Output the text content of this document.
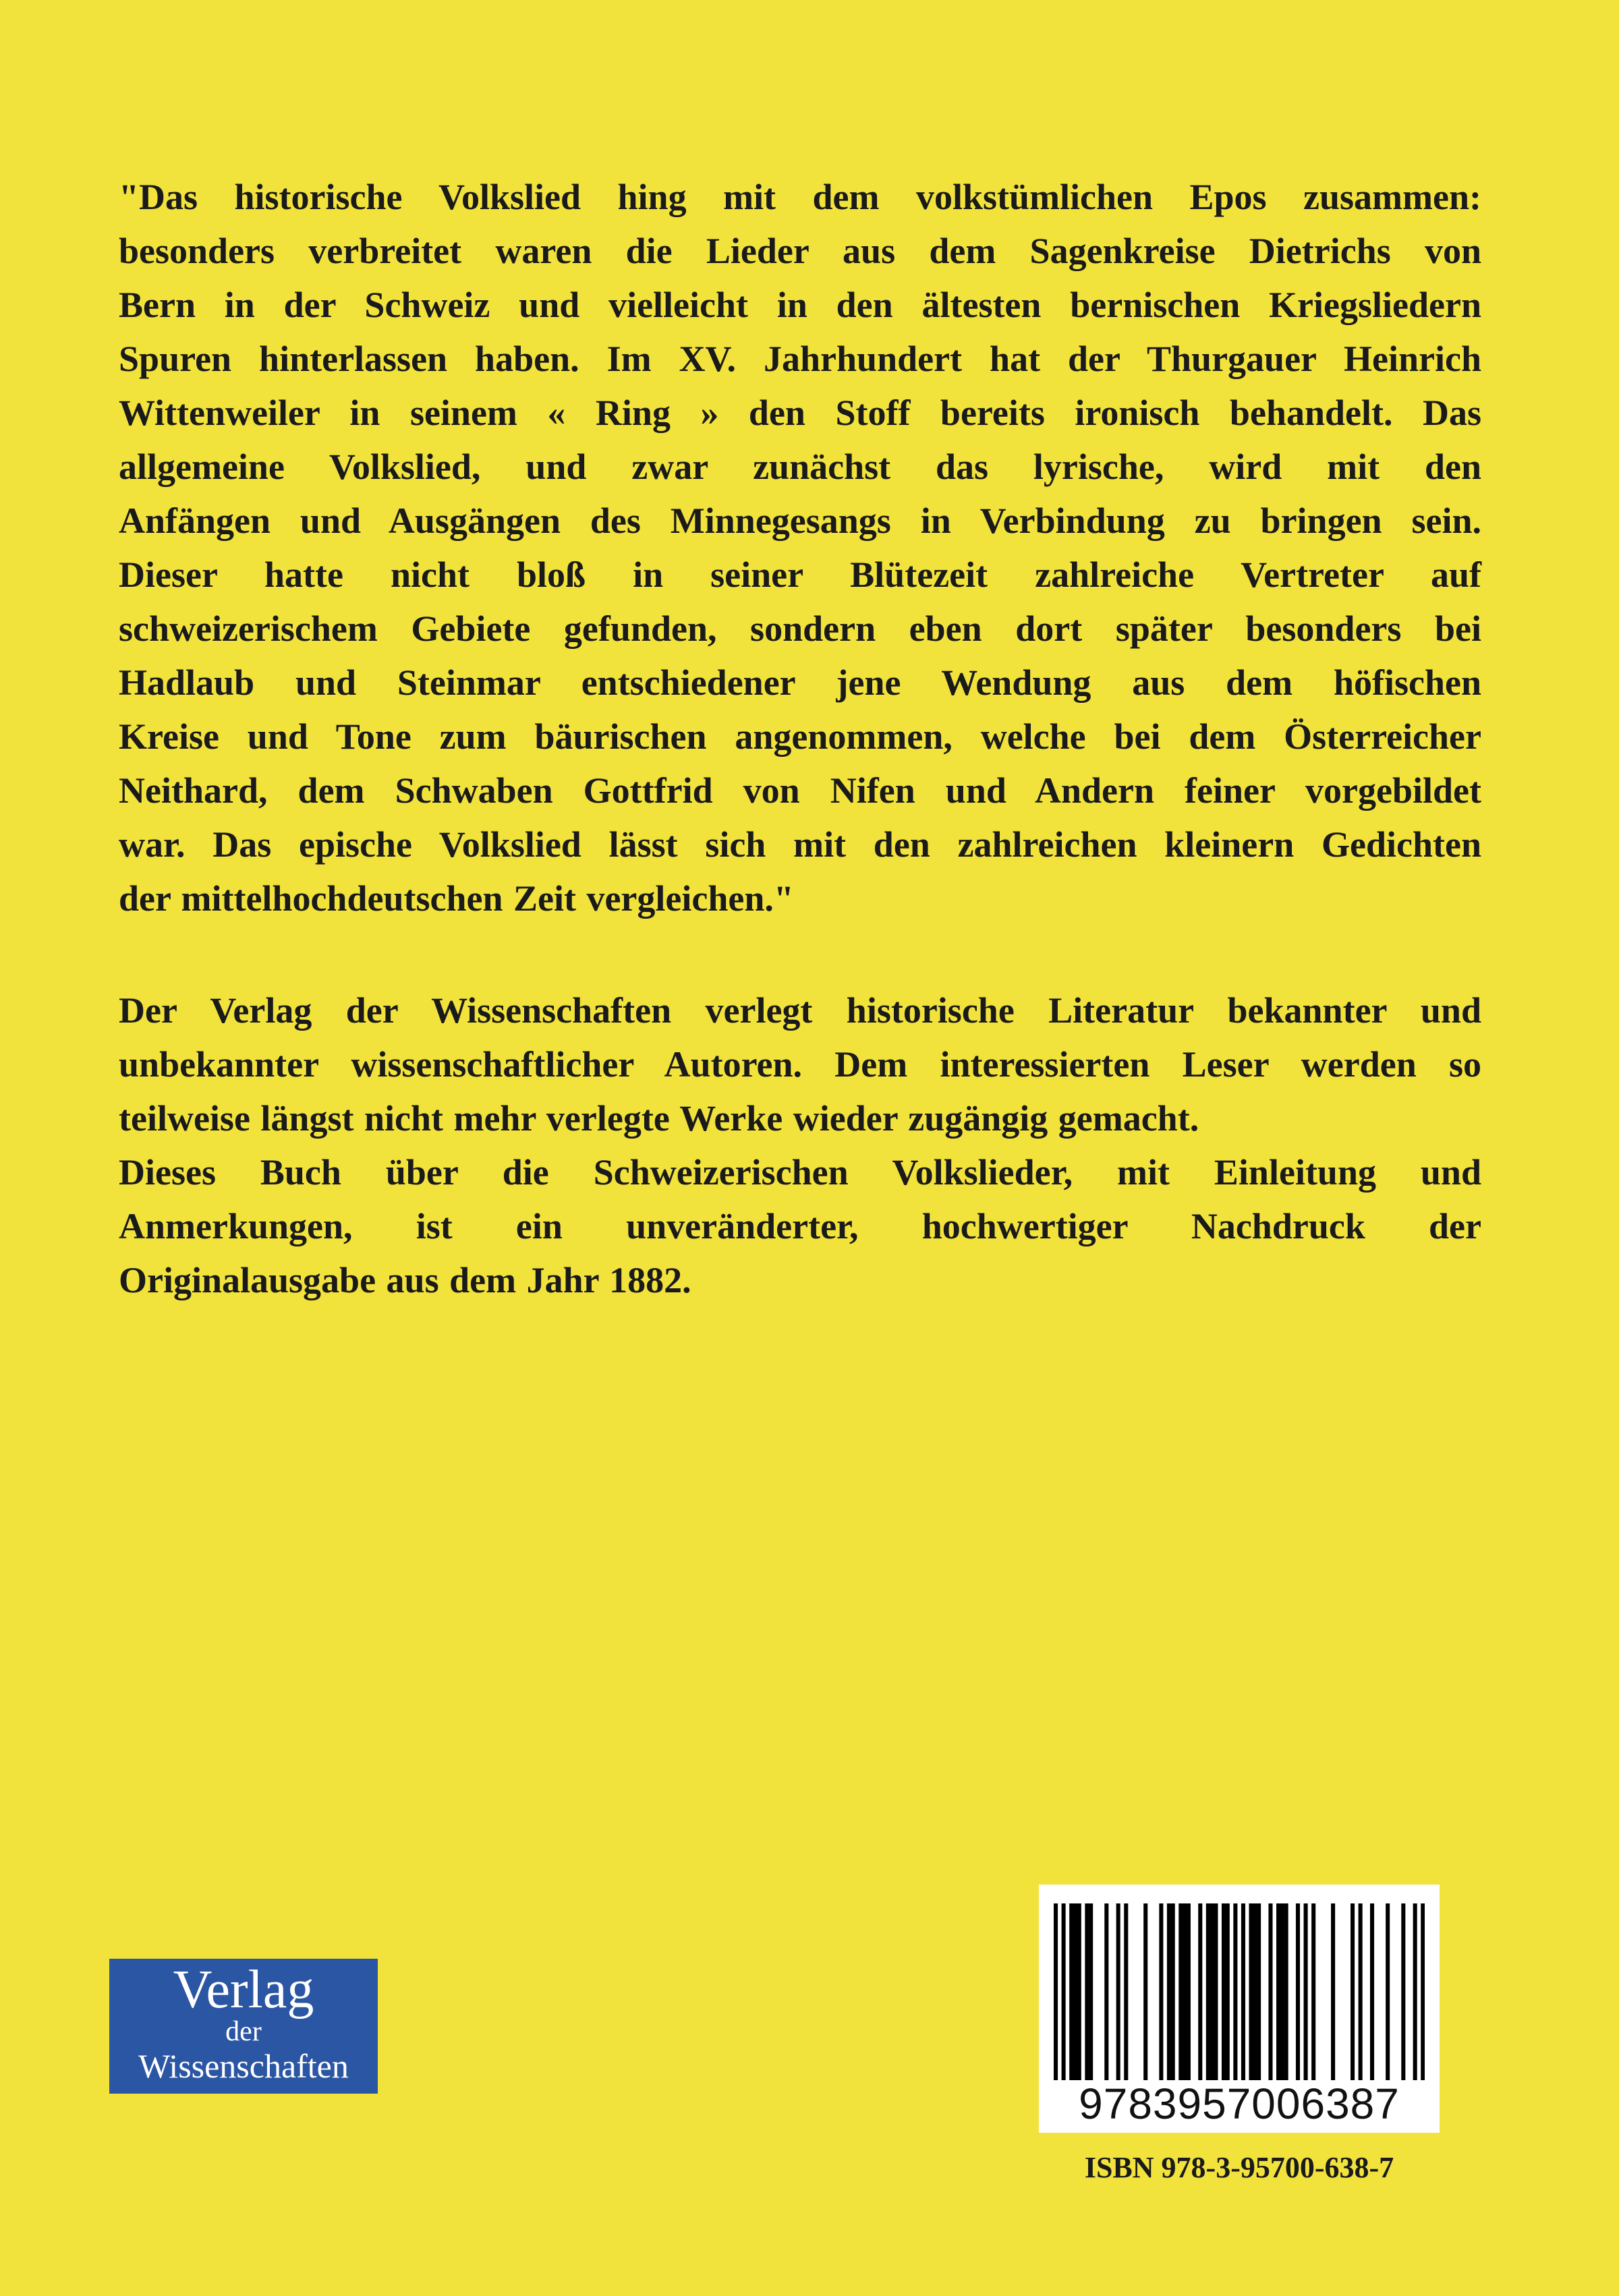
"Das historische Volkslied hing mit dem volkstümlichen Epos zusammen:
besonders verbreitet waren die Lieder aus dem Sagenkreise Dietrichs von
Bern in der Schweiz und vielleicht in den ältesten bernischen Kriegsliedern
Spuren hinterlassen haben. Im XV. Jahrhundert hat der Thurgauer Heinrich
Wittenweiler in seinem « Ring » den Stoff bereits ironisch behandelt. Das
allgemeine Volkslied, und zwar zunächst das lyrische, wird mit den
Anfängen und Ausgängen des Minnegesangs in Verbindung zu bringen sein.
Dieser hatte nicht bloß in seiner Blütezeit zahlreiche Vertreter auf
schweizerischem Gebiete gefunden, sondern eben dort später besonders bei
Hadlaub und Steinmar entschiedener jene Wendung aus dem höfischen
Kreise und Tone zum bäurischen angenommen, welche bei dem Österreicher
Neithard, dem Schwaben Gottfrid von Nifen und Andern feiner vorgebildet
war. Das epische Volkslied lässt sich mit den zahlreichen kleinern Gedichten
der mittelhochdeutschen Zeit vergleichen."
Der Verlag der Wissenschaften verlegt historische Literatur bekannter und
unbekannter wissenschaftlicher Autoren. Dem interessierten Leser werden so
teilweise längst nicht mehr verlegte Werke wieder zugängig gemacht.
Dieses Buch über die Schweizerischen Volkslieder, mit Einleitung und
Anmerkungen, ist ein unveränderter, hochwertiger Nachdruck der
Originalausgabe aus dem Jahr 1882.
Verlag
der
Wissenschaften
9783957006387
ISBN 978-3-95700-638-7
